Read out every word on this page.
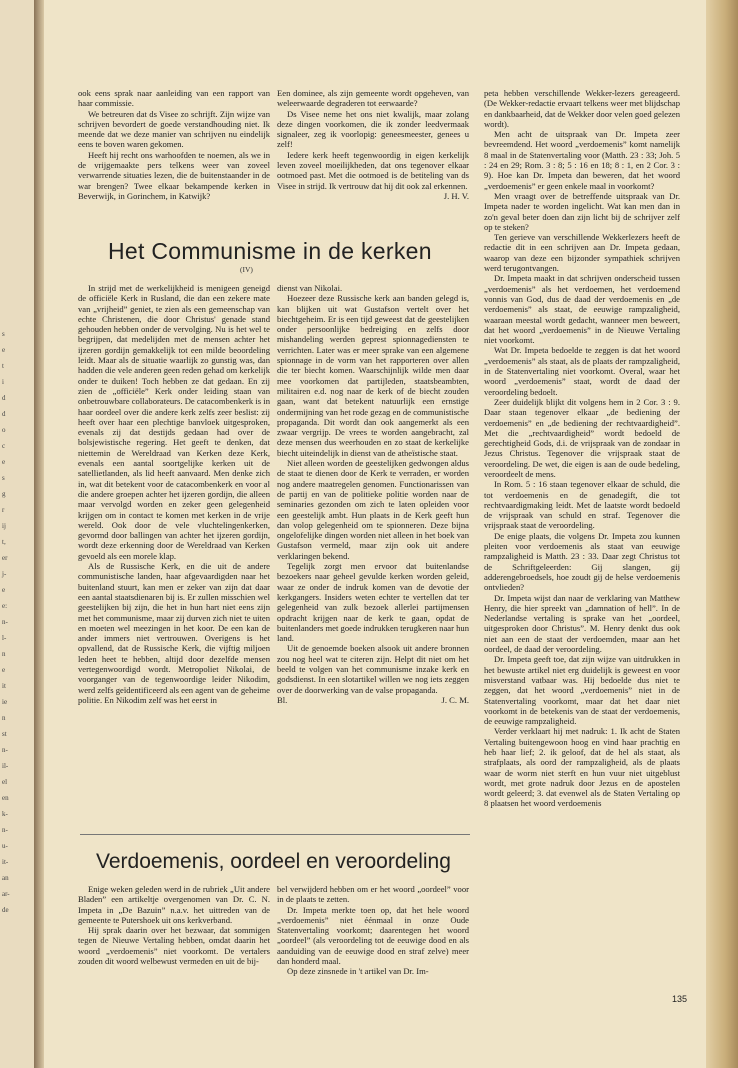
s
e
t
i
d
d
o
c
e
s
g
r
ij
t,
er
j-
e
e:
n-
l-
n
e
it
ie
n
st
n-
il-
el
en
k-
n-
u-
it-
an
ar-
de

ook eens sprak naar aanleiding van een rapport van haar commissie.

We betreuren dat ds Visee zo schrijft. Zijn wijze van schrijven bevordert de goede verstandhouding niet. Ik meende dat we deze manier van schrijven nu eindelijk eens te boven waren gekomen.

Heeft hij recht ons warhoofden te noemen, als we in de vrijgemaakte pers telkens weer van zoveel verwarrende situaties lezen, die de buitenstaander in de war brengen? Twee elkaar bekampende kerken in Beverwijk, in Gorinchem, in Katwijk?

Een dominee, als zijn gemeente wordt opgeheven, van weleerwaarde degraderen tot eerwaarde?

Ds Visee neme het ons niet kwalijk, maar zolang deze dingen voorkomen, die ik zonder leedvermaak signaleer, zeg ik voorlopig: geneesmeester, genees u zelf!

Iedere kerk heeft tegenwoordig in eigen kerkelijk leven zoveel moeilijkheden, dat ons tegenover elkaar ootmoed past. Met die ootmoed is de betiteling van ds Visee in strijd. Ik vertrouw dat hij dit ook zal erkennen.

J. H. V.

peta hebben verschillende Wekker-lezers gereageerd. (De Wekker-redactie ervaart telkens weer met blijdschap en dankbaarheid, dat de Wekker door velen goed gelezen wordt).

Men acht de uitspraak van Dr. Impeta zeer bevreemdend. Het woord „verdoemenis” komt namelijk 8 maal in de Statenvertaling voor (Matth. 23 : 33; Joh. 5 : 24 en 29; Rom. 3 : 8; 5 : 16 en 18; 8 : 1, en 2 Cor. 3 : 9). Hoe kan Dr. Impeta dan beweren, dat het woord „verdoemenis” er geen enkele maal in voorkomt?

Men vraagt over de betreffende uitspraak van Dr. Impeta nader te worden ingelicht. Wat kan men dan in zo'n geval beter doen dan zijn licht bij de schrijver zelf op te steken?

Ten gerieve van verschillende Wekkerlezers heeft de redactie dit in een schrijven aan Dr. Impeta gedaan, waarop van deze een bijzonder sympathiek schrijven werd terugontvangen.

Dr. Impeta maakt in dat schrijven onderscheid tussen „verdoemenis” als het verdoemen, het verdoemend vonnis van God, dus de daad der verdoemenis en „de verdoemenis” als staat, de eeuwige rampzaligheid, waaraan meestal wordt gedacht, wanneer men beweert, dat het woord „verdoemenis” in de Nieuwe Vertaling niet voorkomt.

Wat Dr. Impeta bedoelde te zeggen is dat het woord „verdoemenis” als staat, als de plaats der rampzaligheid, in de Statenvertaling niet voorkomt. Overal, waar het woord „verdoemenis” staat, wordt de daad der veroordeling bedoelt.

Zeer duidelijk blijkt dit volgens hem in 2 Cor. 3 : 9. Daar staan tegenover elkaar „de bediening der verdoemenis” en „de bediening der rechtvaardigheid”. Met die „rechtvaardigheid” wordt bedoeld de gerechtigheid Gods, d.i. de vrijspraak van de zondaar in Jezus Christus. Tegenover die vrijspraak staat de veroordeling. De wet, die eigen is aan de oude bedeling, veroordeelt de mens.

In Rom. 5 : 16 staan tegenover elkaar de schuld, die tot verdoemenis en de genadegift, die tot rechtvaardigmaking leidt. Met de laatste wordt bedoeld de vrijspraak van schuld en straf. Tegenover die vrijspraak staat de veroordeling.

De enige plaats, die volgens Dr. Impeta zou kunnen pleiten voor verdoemenis als staat van eeuwige rampzaligheid is Matth. 23 : 33. Daar zegt Christus tot de Schriftgeleerden: Gij slangen, gij adderengebroedsels, hoe zoudt gij de helse verdoemenis ontvlieden?

Dr. Impeta wijst dan naar de verklaring van Matthew Henry, die hier spreekt van „damnation of hell”. In de Nederlandse vertaling is sprake van het „oordeel, uitgesproken door Christus”. M. Henry denkt dus ook niet aan een de staat der verdoemden, maar aan het oordeel, de daad der veroordeling.

Dr. Impeta geeft toe, dat zijn wijze van uitdrukken in het bewuste artikel niet erg duidelijk is geweest en voor misverstand vatbaar was. Hij bedoelde dus niet te zeggen, dat het woord „verdoemenis” niet in de Statenvertaling voorkomt, maar dat het daar niet voorkomt in de betekenis van de staat der verdoemenis, de eeuwige rampzaligheid.

Verder verklaart hij met nadruk: 1. Ik acht de Staten Vertaling buitengewoon hoog en vind haar prachtig en heb haar lief; 2. ik geloof, dat de hel als staat, als strafplaats, als oord der rampzaligheid, als de plaats waar de worm niet sterft en hun vuur niet uitgeblust wordt, met grote nadruk door Jezus en de apostelen wordt geleerd; 3. dat evenwel als de Staten Vertaling op 8 plaatsen het woord verdoemenis

Het Communisme in de kerken
(IV)

In strijd met de werkelijkheid is menigeen geneigd de officiële Kerk in Rusland, die dan een zekere mate van „vrijheid” geniet, te zien als een gemeenschap van echte Christenen, die door Christus' genade stand gehouden hebben onder de vervolging. Nu is het wel te begrijpen, dat medelijden met de mensen achter het ijzeren gordijn gemakkelijk tot een milde beoordeling leidt. Maar als de situatie waarlijk zo gunstig was, dan hadden die vele anderen geen reden gehad om kerkelijk onder te duiken! Toch hebben ze dat gedaan. En zij zien de „officiële” Kerk onder leiding staan van onbetrouwbare collaborateurs. De catacombenkerk is in haar oordeel over die andere kerk zelfs zeer beslist: zij heeft over haar een plechtige banvloek uitgesproken, evenals zij dat destijds gedaan had over de bolsjewistische regering. Het geeft te denken, dat niettemin de Wereldraad van Kerken deze Kerk, evenals een aantal soortgelijke kerken uit de satellietlanden, als lid heeft aanvaard. Men denke zich in, wat dit betekent voor de catacombenkerk en voor al die andere groepen achter het ijzeren gordijn, die alleen maar vervolgd worden en zeker geen gelegenheid krijgen om in contact te komen met kerken in de vrije wereld. Ook door de vele vluchtelingenkerken, gevormd door ballingen van achter het ijzeren gordijn, wordt deze erkenning door de Wereldraad van Kerken gevoeld als een morele klap.

Als de Russische Kerk, en die uit de andere communistische landen, haar afgevaardigden naar het buitenland stuurt, kan men er zeker van zijn dat daar een aantal staatsdienaren bij is. Er zullen misschien wel geestelijken bij zijn, die het in hun hart niet eens zijn met het communisme, maar zij durven zich niet te uiten en moeten wel meezingen in het koor. De een kan de ander immers niet vertrouwen. Overigens is het opvallend, dat de Russische Kerk, die vijftig miljoen leden heet te hebben, altijd door dezelfde mensen vertegenwoordigd wordt. Metropoliet Nikolai, de voorganger van de tegenwoordige leider Nikodim, werd zelfs geïdentificeerd als een agent van de geheime politie. En Nikodim zelf was het eerst in

dienst van Nikolai.

Hoezeer deze Russische kerk aan banden gelegd is, kan blijken uit wat Gustafson vertelt over het biechtgeheim. Er is een tijd geweest dat de geestelijken onder persoonlijke bedreiging en zelfs door mishandeling werden geprest spionnagediensten te verrichten. Later was er meer sprake van een algemene spionnage in de vorm van het rapporteren over allen die ter biecht komen. Waarschijnlijk wilde men daar mee voorkomen dat partijleden, staatsbeambten, militairen e.d. nog naar de kerk of de biecht zouden gaan, want dat betekent natuurlijk een ernstige ondermijning van het rode gezag en de communistische propaganda. Dit wordt dan ook aangemerkt als een zwaar vergrijp. De vrees te worden aangebracht, zal deze mensen dus weerhouden en zo staat de kerkelijke biecht uiteindelijk in dienst van de atheïstische staat.

Niet alleen worden de geestelijken gedwongen aldus de staat te dienen door de Kerk te verraden, er worden nog andere maatregelen genomen. Functionarissen van de partij en van de politieke politie worden naar de seminaries gezonden om zich te laten opleiden voor een geestelijk ambt. Hun plaats in de Kerk geeft hun dan volop gelegenheid om te spionneren. Deze bijna ongelofelijke dingen worden niet alleen in het boek van Gustafson vermeld, maar zijn ook uit andere verklaringen bekend.

Tegelijk zorgt men ervoor dat buitenlandse bezoekers naar geheel gevulde kerken worden geleid, waar ze onder de indruk komen van de devotie der kerkgangers. Insiders weten echter te vertellen dat ter gelegenheid van zulk bezoek allerlei partijmensen opdracht krijgen naar de kerk te gaan, opdat de buitenlanders met goede indrukken terugkeren naar hun land.

Uit de genoemde boeken alsook uit andere bronnen zou nog heel wat te citeren zijn. Helpt dit niet om het beeld te volgen van het communisme inzake kerk en godsdienst. In een slotartikel willen we nog iets zeggen over de doorwerking van de valse propaganda.

Bl.	J. C. M.
Verdoemenis, oordeel en veroordeling

Enige weken geleden werd in de rubriek „Uit andere Bladen” een artikeltje overgenomen van Dr. C. N. Impeta in „De Bazuin” n.a.v. het uittreden van de gemeente te Putershoek uit ons kerkverband.

Hij sprak daarin over het bezwaar, dat sommigen tegen de Nieuwe Vertaling hebben, omdat daarin het woord „verdoemenis” niet voorkomt. De vertalers zouden dit woord welbewust vermeden en uit de bij-

bel verwijderd hebben om er het woord „oordeel” voor in de plaats te zetten.

Dr. Impeta merkte toen op, dat het hele woord „verdoemenis” niet éénmaal in onze Oude Statenvertaling voorkomt; daarentegen het woord „oordeel” (als veroordeling tot de eeuwige dood en als aanduiding van de eeuwige dood en straf zelve) meer dan honderd maal.

Op deze zinsnede in 't artikel van Dr. Im-

135
